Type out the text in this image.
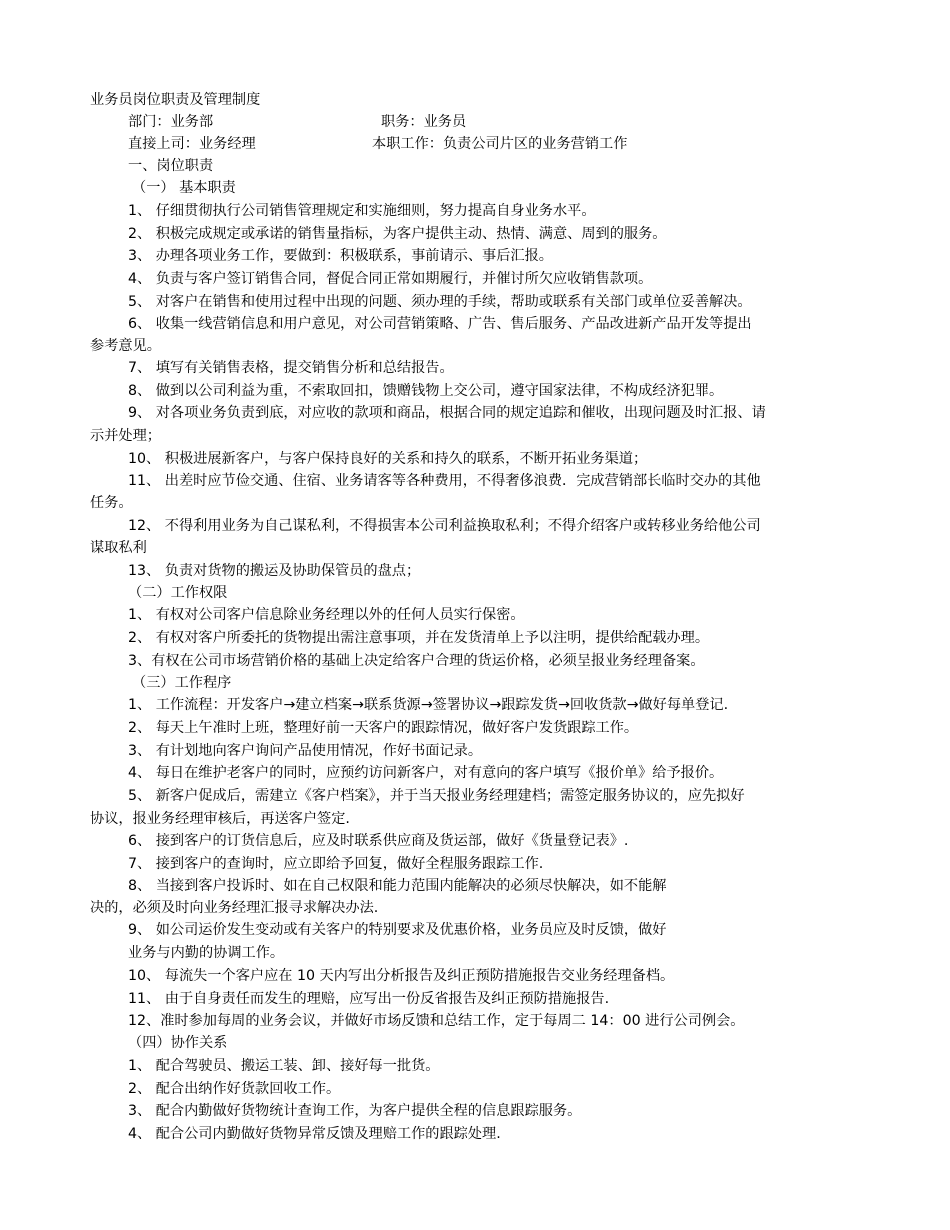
业务员岗位职责及管理制度
部门：业务部	职务：业务员
直接上司：业务经理	本职工作：负责公司片区的业务营销工作
一、岗位职责
（一） 基本职责
1、 仔细贯彻执行公司销售管理规定和实施细则，努力提高自身业务水平。
2、 积极完成规定或承诺的销售量指标，为客户提供主动、热情、满意、周到的服务。
3、 办理各项业务工作，要做到：积极联系，事前请示、事后汇报。
4、 负责与客户签订销售合同，督促合同正常如期履行，并催讨所欠应收销售款项。
5、 对客户在销售和使用过程中出现的问题、须办理的手续，帮助或联系有关部门或单位妥善解决。
6、 收集一线营销信息和用户意见，对公司营销策略、广告、售后服务、产品改进新产品开发等提出
参考意见。
7、 填写有关销售表格，提交销售分析和总结报告。
8、 做到以公司利益为重，不索取回扣，馈赠钱物上交公司，遵守国家法律，不构成经济犯罪。
9、 对各项业务负责到底，对应收的款项和商品，根据合同的规定追踪和催收，出现问题及时汇报、请
示并处理；
10、 积极进展新客户，与客户保持良好的关系和持久的联系，不断开拓业务渠道；
11、 出差时应节俭交通、住宿、业务请客等各种费用，不得奢侈浪费．完成营销部长临时交办的其他
任务。
12、 不得利用业务为自己谋私利，不得损害本公司利益换取私利；不得介绍客户或转移业务给他公司
谋取私利
13、 负责对货物的搬运及协助保管员的盘点；
（二）工作权限
1、 有权对公司客户信息除业务经理以外的任何人员实行保密。
2、 有权对客户所委托的货物提出需注意事项，并在发货清单上予以注明，提供给配载办理。
3、有权在公司市场营销价格的基础上决定给客户合理的货运价格，必须呈报业务经理备案。
（三）工作程序
1、 工作流程：开发客户→建立档案→联系货源→签署协议→跟踪发货→回收货款→做好每单登记.
2、 每天上午准时上班，整理好前一天客户的跟踪情况，做好客户发货跟踪工作。
3、 有计划地向客户询问产品使用情况，作好书面记录。
4、 每日在维护老客户的同时，应预约访问新客户，对有意向的客户填写《报价单》给予报价。
5、 新客户促成后，需建立《客户档案》，并于当天报业务经理建档；需签定服务协议的，应先拟好
协议，报业务经理审核后，再送客户签定.
6、 接到客户的订货信息后，应及时联系供应商及货运部，做好《货量登记表》.
7、 接到客户的查询时，应立即给予回复，做好全程服务跟踪工作.
8、 当接到客户投诉时、如在自己权限和能力范围内能解决的必须尽快解决，如不能解
决的，必须及时向业务经理汇报寻求解决办法.
9、 如公司运价发生变动或有关客户的特别要求及优惠价格，业务员应及时反馈，做好
业务与内勤的协调工作。
10、 每流失一个客户应在 10 天内写出分析报告及纠正预防措施报告交业务经理备档。
11、 由于自身责任而发生的理赔，应写出一份反省报告及纠正预防措施报告.
12、准时参加每周的业务会议，并做好市场反馈和总结工作，定于每周二 14：00 进行公司例会。
（四）协作关系
1、 配合驾驶员、搬运工装、卸、接好每一批货。
2、 配合出纳作好货款回收工作。
3、 配合内勤做好货物统计查询工作，为客户提供全程的信息跟踪服务。
4、 配合公司内勤做好货物异常反馈及理赔工作的跟踪处理.
